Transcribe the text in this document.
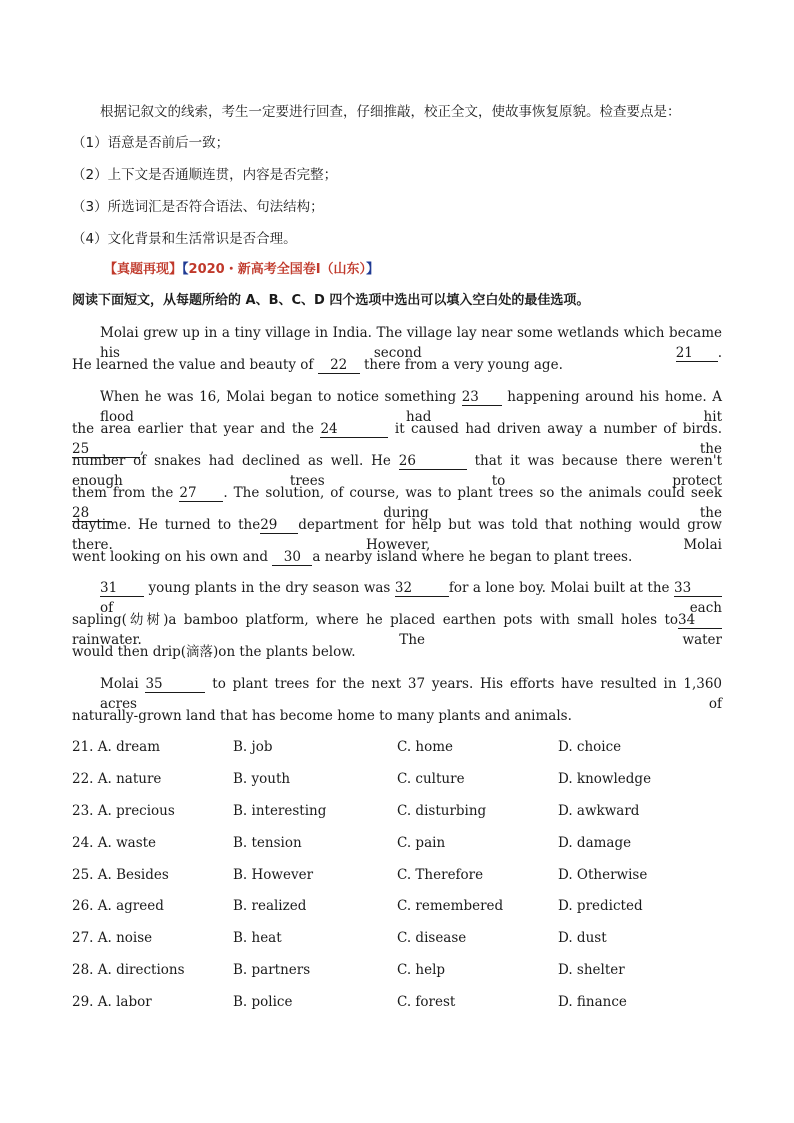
根据记叙文的线索，考生一定要进行回查，仔细推敲，校正全文，使故事恢复原貌。检查要点是：
（1）语意是否前后一致；
（2）上下文是否通顺连贯，内容是否完整；
（3）所选词汇是否符合语法、句法结构；
（4）文化背景和生活常识是否合理。
【真题再现】【2020・新高考全国卷Ⅰ（山东）】
阅读下面短文，从每题所给的 A、B、C、D 四个选项中选出可以填入空白处的最佳选项。
Molai grew up in a tiny village in India. The village lay near some wetlands which became his second	21 .
He learned the value and beauty of 22 there from a very young age.
When he was 16, Molai began to notice something 23 happening around his home. A flood had hit
the area earlier that year and the 24	it caused had driven away a number of birds. 25	, the
number of snakes had declined as well. He 26	that it was because there weren't enough trees to protect
them from the 27 . The solution, of course, was to plant trees so the animals could seek 28	during the
daytime. He turned to the29 department for help but was told that nothing would grow there. However, Molai
went looking on his own and 30 a nearby island where he began to plant trees.
31 young plants in the dry season was 32	for a lone boy. Molai built at the 33 of each
sapling(幼树)a bamboo platform, where he placed earthen pots with small holes to34 rainwater. The water
would then drip(滴落)on the plants below.
Molai 35	to plant trees for the next 37 years. His efforts have resulted in 1,360 acres of
naturally-grown land that has become home to many plants and animals.
21. A. dream	B. job	C. home	D. choice
22. A. nature	B. youth	C. culture	D. knowledge
23. A. precious	B. interesting	C. disturbing	D. awkward
24. A. waste	B. tension	C. pain	D. damage
25. A. Besides	B. However	C. Therefore	D. Otherwise
26. A. agreed	B. realized	C. remembered	D. predicted
27. A. noise	B. heat	C. disease	D. dust
28. A. directions	B. partners	C. help	D. shelter
29. A. labor	B. police	C. forest	D. finance
